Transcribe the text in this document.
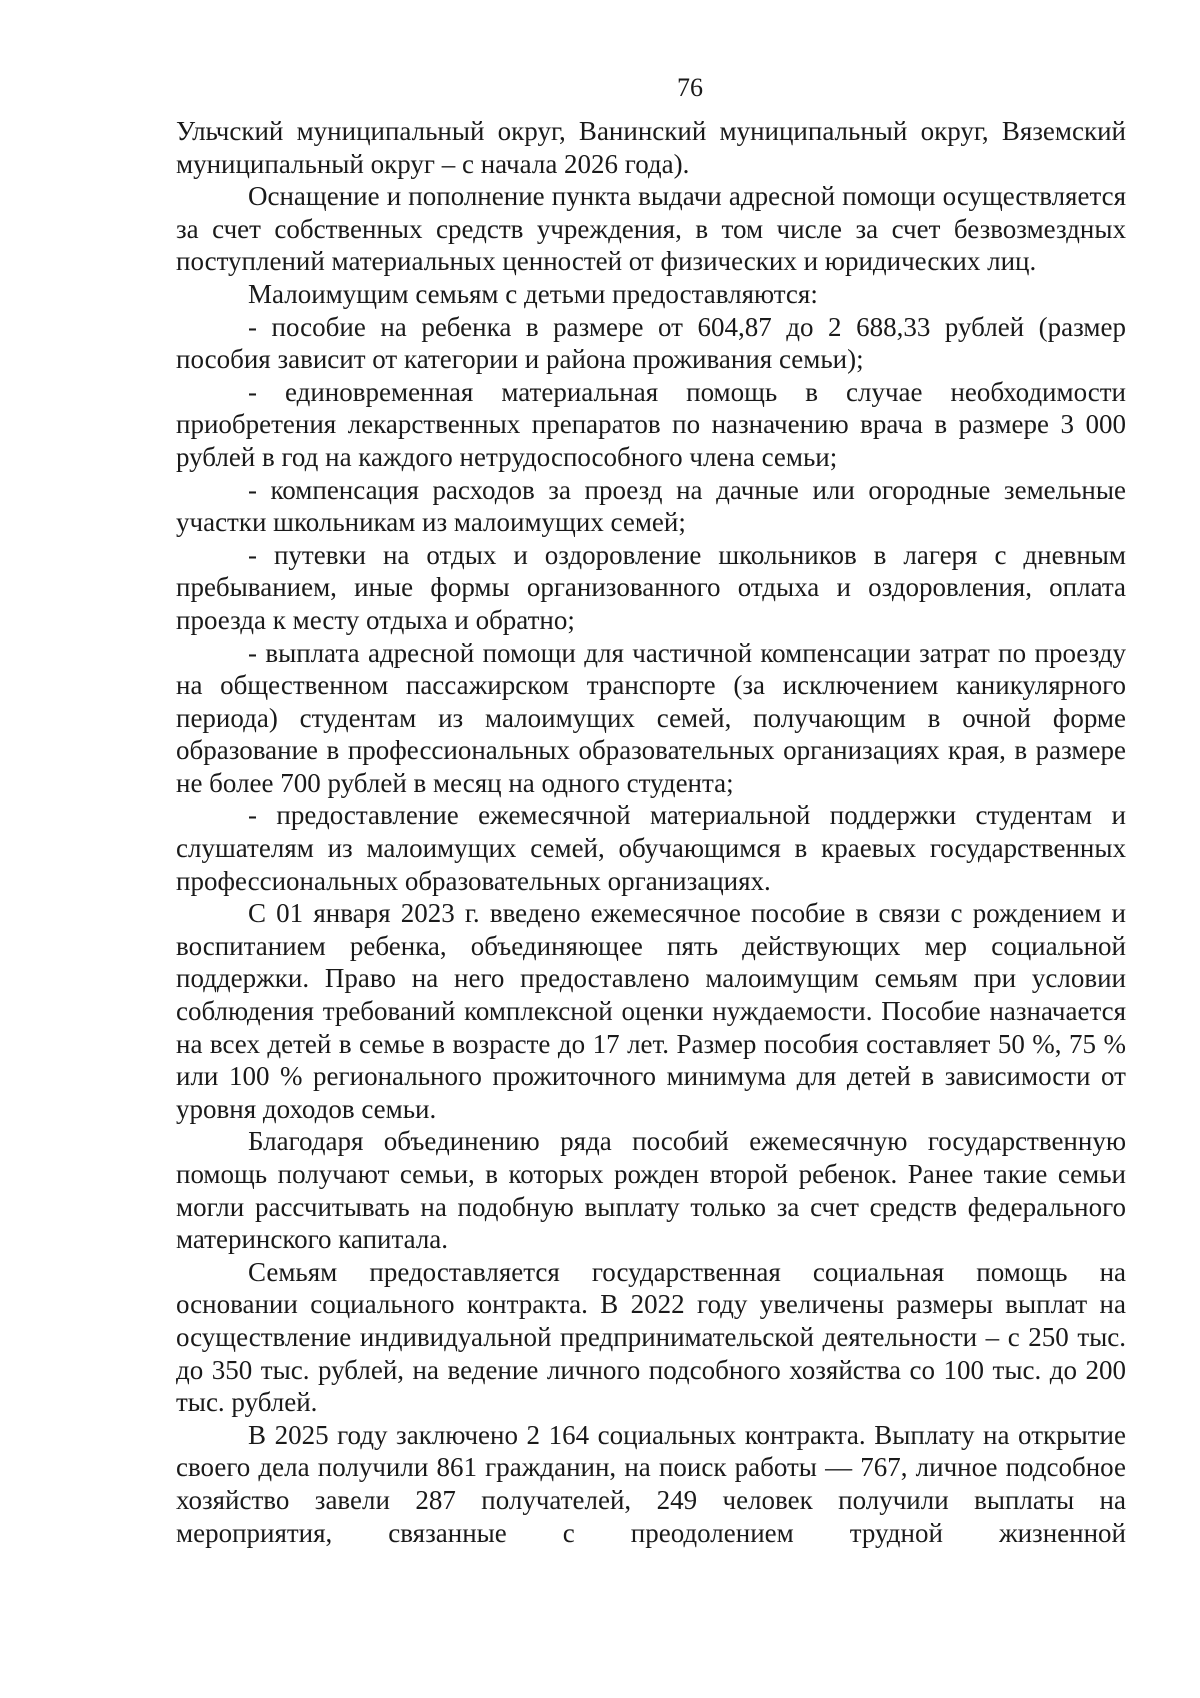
76

Ульчский муниципальный округ, Ванинский муниципальный округ, Вяземский муниципальный округ – с начала 2026 года).

Оснащение и пополнение пункта выдачи адресной помощи осуществляется за счет собственных средств учреждения, в том числе за счет безвозмездных поступлений материальных ценностей от физических и юридических лиц.

Малоимущим семьям с детьми предоставляются:

- пособие на ребенка в размере от 604,87 до 2 688,33 рублей (размер пособия зависит от категории и района проживания семьи);

- единовременная материальная помощь в случае необходимости приобретения лекарственных препаратов по назначению врача в размере 3 000 рублей в год на каждого нетрудоспособного члена семьи;

- компенсация расходов за проезд на дачные или огородные земельные участки школьникам из малоимущих семей;

- путевки на отдых и оздоровление школьников в лагеря с дневным пребыванием, иные формы организованного отдыха и оздоровления, оплата проезда к месту отдыха и обратно;

- выплата адресной помощи для частичной компенсации затрат по проезду на общественном пассажирском транспорте (за исключением каникулярного периода) студентам из малоимущих семей, получающим в очной форме образование в профессиональных образовательных организациях края, в размере не более 700 рублей в месяц на одного студента;

- предоставление ежемесячной материальной поддержки студентам и слушателям из малоимущих семей, обучающимся в краевых государственных профессиональных образовательных организациях.

С 01 января 2023 г. введено ежемесячное пособие в связи с рождением и воспитанием ребенка, объединяющее пять действующих мер социальной поддержки. Право на него предоставлено малоимущим семьям при условии соблюдения требований комплексной оценки нуждаемости. Пособие назначается на всех детей в семье в возрасте до 17 лет. Размер пособия составляет 50 %, 75 % или 100 % регионального прожиточного минимума для детей в зависимости от уровня доходов семьи.

Благодаря объединению ряда пособий ежемесячную государственную помощь получают семьи, в которых рожден второй ребенок. Ранее такие семьи могли рассчитывать на подобную выплату только за счет средств федерального материнского капитала.

Семьям предоставляется государственная социальная помощь на основании социального контракта. В 2022 году увеличены размеры выплат на осуществление индивидуальной предпринимательской деятельности – с 250 тыс. до 350 тыс. рублей, на ведение личного подсобного хозяйства со 100 тыс. до 200 тыс. рублей.

В 2025 году заключено 2 164 социальных контракта. Выплату на открытие своего дела получили 861 гражданин, на поиск работы — 767, личное подсобное хозяйство завели 287 получателей, 249 человек получили выплаты на мероприятия, связанные с преодолением трудной жизненной
